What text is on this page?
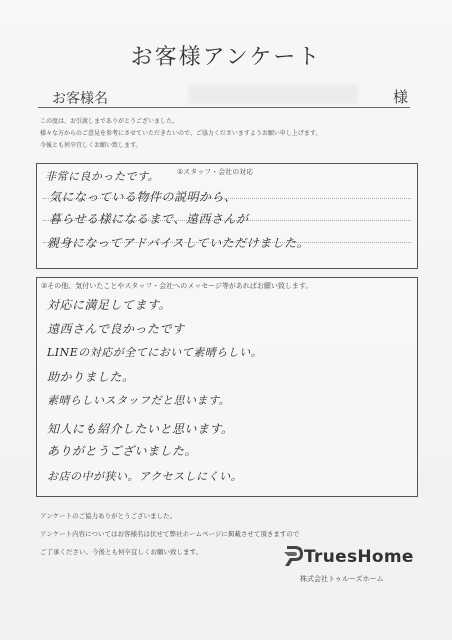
お客様アンケート
お客様名	様

この度は、お引渡しまでありがとうございました。

様々な方からのご意見を参考にさせていただきたいので、ご協力くださいますようお願い申し上げます。

今後とも何卒宜しくお願い致します。

①スタッフ・会社の対応
非常に良かったです。
気になっている物件の説明から、
暮らせる様になるまで、遠西さんが
親身になってアドバイスしていただけました。
②その他、気付いたことやスタッフ・会社へのメッセージ等があればお願い致します。
対応に満足してます。
遠西さんで良かったです
LINEの対応が全てにおいて素晴らしい。
助かりました。
素晴らしいスタッフだと思います。
知人にも紹介したいと思います。
ありがとうございました。
お店の中が狭い。アクセスしにくい。

アンケートのご協力ありがとうございました。

アンケート内容についてはお客様名は伏せて弊社ホームページに掲載させて頂きますので

ご了承ください。今後とも何卒宜しくお願い致します。	TruesHome
株式会社トゥルーズホーム
